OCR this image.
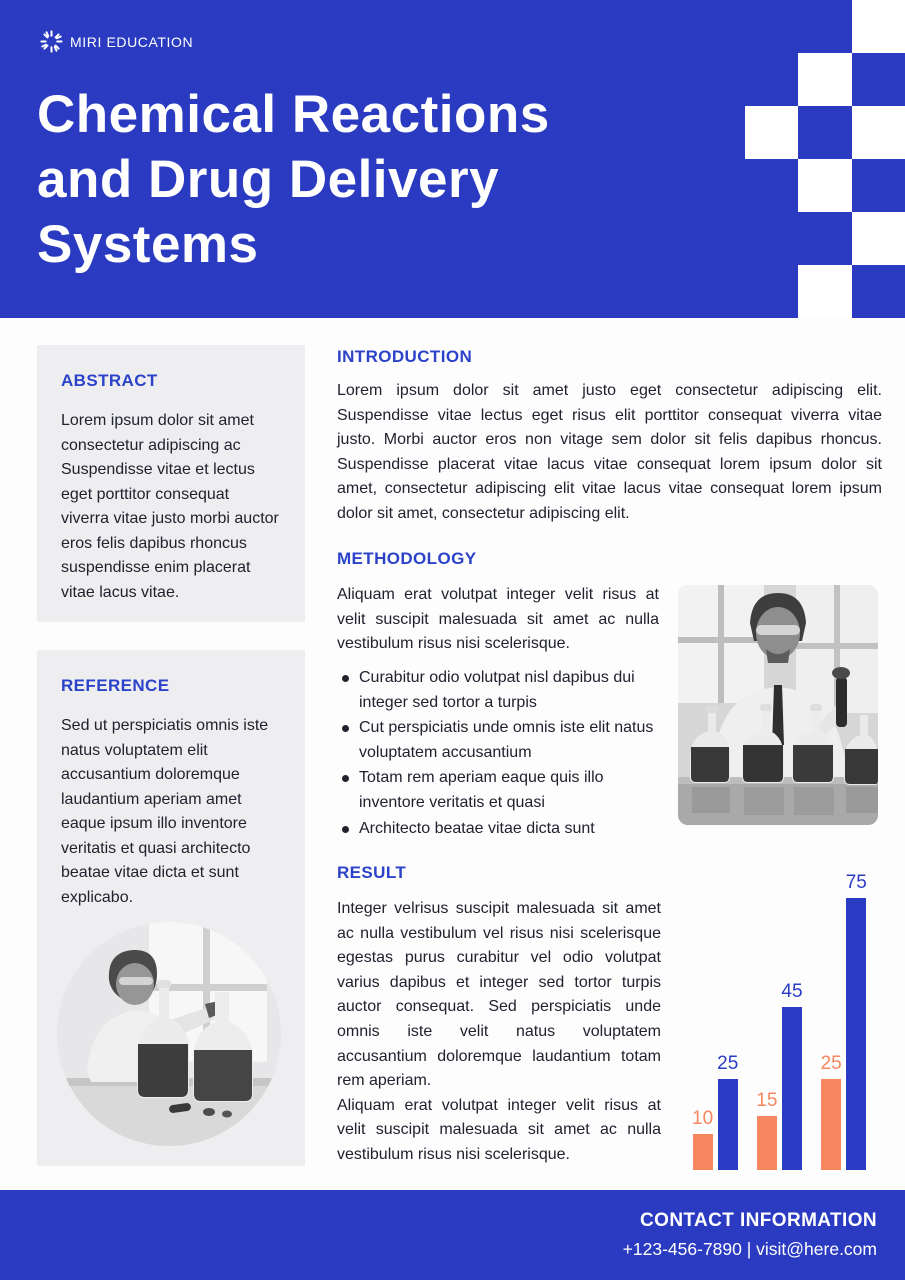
MIRI EDUCATION
Chemical Reactions
and Drug Delivery
Systems
ABSTRACT
Lorem ipsum dolor sit amet consectetur adipiscing ac Suspendisse vitae et lectus eget porttitor consequat viverra vitae justo morbi auctor eros felis dapibus rhoncus suspendisse enim placerat vitae lacus vitae.
REFERENCE
Sed ut perspiciatis omnis iste natus voluptatem elit accusantium doloremque laudantium aperiam amet eaque ipsum illo inventore veritatis et quasi architecto beatae vitae dicta et sunt explicabo.
INTRODUCTION
Lorem ipsum dolor sit amet justo eget consectetur adipiscing elit. Suspendisse vitae lectus eget risus elit porttitor consequat viverra vitae justo. Morbi auctor eros non vitage sem dolor sit felis dapibus rhoncus. Suspendisse placerat vitae lacus vitae consequat lorem ipsum dolor sit amet, consectetur adipiscing elit vitae lacus vitae consequat lorem ipsum dolor sit amet, consectetur adipiscing elit.
METHODOLOGY
Aliquam erat volutpat integer velit risus at velit suscipit malesuada sit amet ac nulla vestibulum risus nisi scelerisque.
Curabitur odio volutpat nisl dapibus dui integer sed tortor a turpis
Cut perspiciatis unde omnis iste elit natus voluptatem accusantium
Totam rem aperiam eaque quis illo inventore veritatis et quasi
Architecto beatae vitae dicta sunt
RESULT

Integer velrisus suscipit malesuada sit amet ac nulla vestibulum vel risus nisi scelerisque egestas purus curabitur vel odio volutpat varius dapibus et integer sed tortor turpis auctor consequat. Sed perspiciatis unde omnis iste velit natus voluptatem accusantium doloremque laudantium totam rem aperiam.

Aliquam erat volutpat integer velit risus at velit suscipit malesuada sit amet ac nulla vestibulum risus nisi scelerisque.

10
25
15
45
25
75
CONTACT INFORMATION
+123-456-7890 | visit@here.com
